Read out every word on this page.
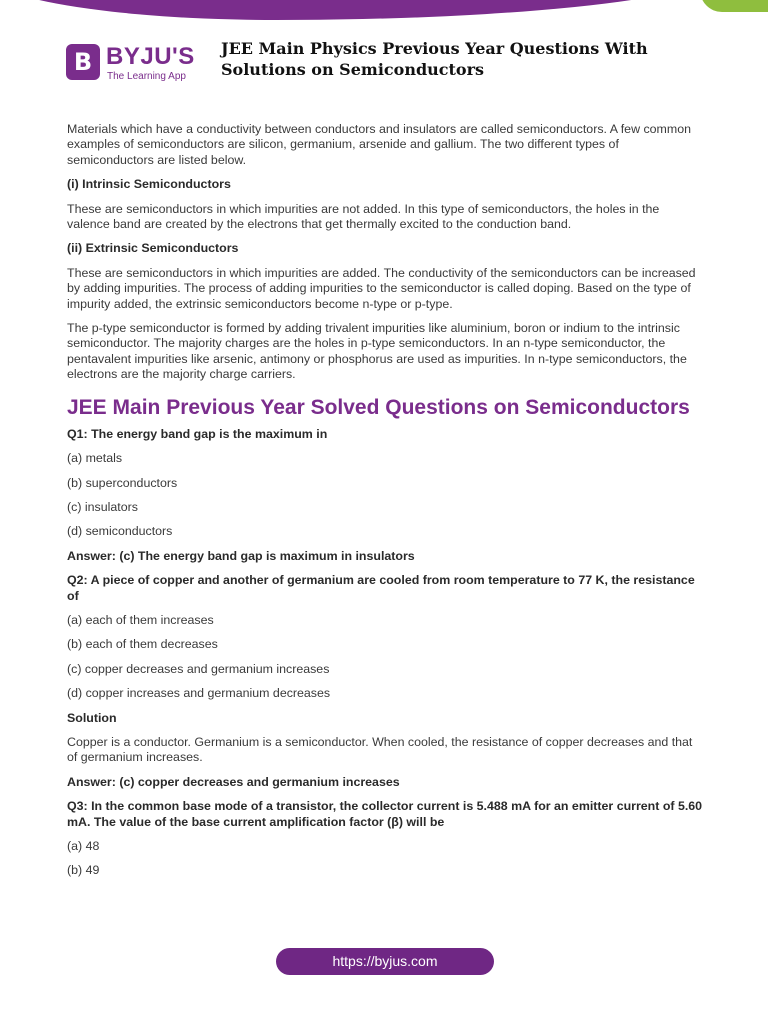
B BYJU'S
The Learning App
JEE Main Physics Previous Year Questions With Solutions on Semiconductors

Materials which have a conductivity between conductors and insulators are called semiconductors. A few common examples of semiconductors are silicon, germanium, arsenide and gallium. The two different types of semiconductors are listed below.

(i) Intrinsic Semiconductors

These are semiconductors in which impurities are not added. In this type of semiconductors, the holes in the valence band are created by the electrons that get thermally excited to the conduction band.

(ii) Extrinsic Semiconductors

These are semiconductors in which impurities are added. The conductivity of the semiconductors can be increased by adding impurities. The process of adding impurities to the semiconductor is called doping. Based on the type of impurity added, the extrinsic semiconductors become n-type or p-type.

The p-type semiconductor is formed by adding trivalent impurities like aluminium, boron or indium to the intrinsic semiconductor. The majority charges are the holes in p-type semiconductors. In an n-type semiconductor, the pentavalent impurities like arsenic, antimony or phosphorus are used as impurities. In n-type semiconductors, the electrons are the majority charge carriers.

JEE Main Previous Year Solved Questions on Semiconductors

Q1: The energy band gap is the maximum in

(a) metals

(b) superconductors

(c) insulators

(d) semiconductors

Answer: (c) The energy band gap is maximum in insulators

Q2: A piece of copper and another of germanium are cooled from room temperature to 77 K, the resistance of

(a) each of them increases

(b) each of them decreases

(c) copper decreases and germanium increases

(d) copper increases and germanium decreases

Solution

Copper is a conductor. Germanium is a semiconductor. When cooled, the resistance of copper decreases and that of germanium increases.

Answer: (c) copper decreases and germanium increases

Q3: In the common base mode of a transistor, the collector current is 5.488 mA for an emitter current of 5.60 mA. The value of the base current amplification factor (β) will be

(a) 48

(b) 49

https://byjus.com
